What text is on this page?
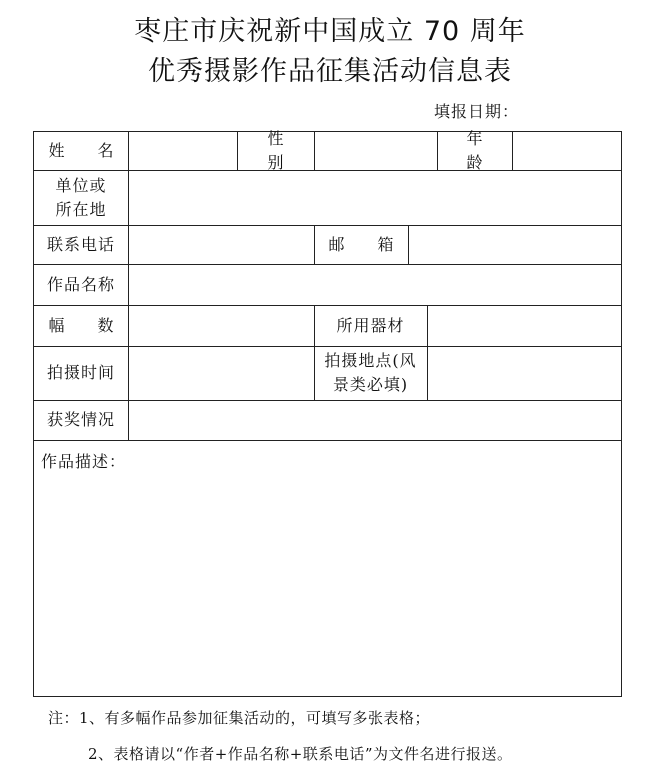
枣庄市庆祝新中国成立 70 周年
优秀摄影作品征集活动信息表
填报日期：
姓 名
性 别
年 龄
单位或
所在地
联系电话	邮 箱
作品名称
幅 数	所用器材
拍摄时间
拍摄地点(风
景类必填)
获奖情况
作品描述：
注：1、有多幅作品参加征集活动的，可填写多张表格；
2、表格请以“作者+作品名称+联系电话”为文件名进行报送。
